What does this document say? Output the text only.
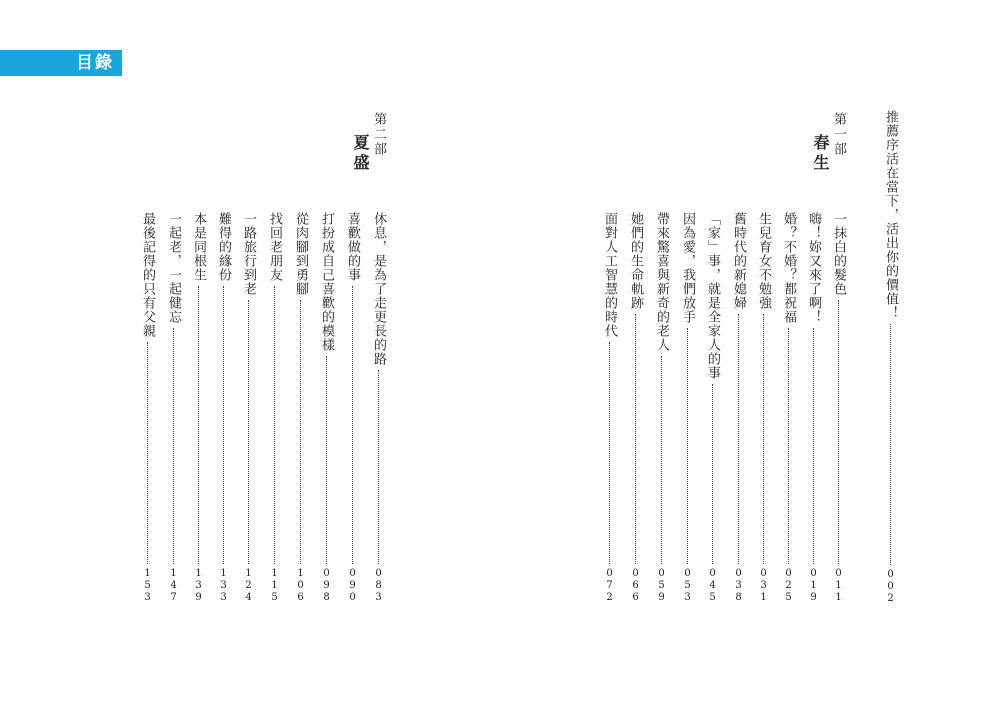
目錄
推薦序
活在當下，活出你的價值！
002
第一部
春生
一抹白的髮色
011
嗨！妳又來了啊！
019
婚？不婚？都祝福
025
生兒育女不勉強
031
舊時代的新媳婦
038
「家」事，就是全家人的事
045
因為愛，我們放手
053
帶來驚喜與新奇的老人
059
她們的生命軌跡
066
面對人工智慧的時代
072
第二部
夏盛
休息，是為了走更長的路
083
喜歡做的事
090
打扮成自己喜歡的模樣
098
從肉腳到勇腳
106
找回老朋友
115
一路旅行到老
124
難得的緣份
133
本是同根生
139
一起老，一起健忘
147
最後記得的只有父親
153
